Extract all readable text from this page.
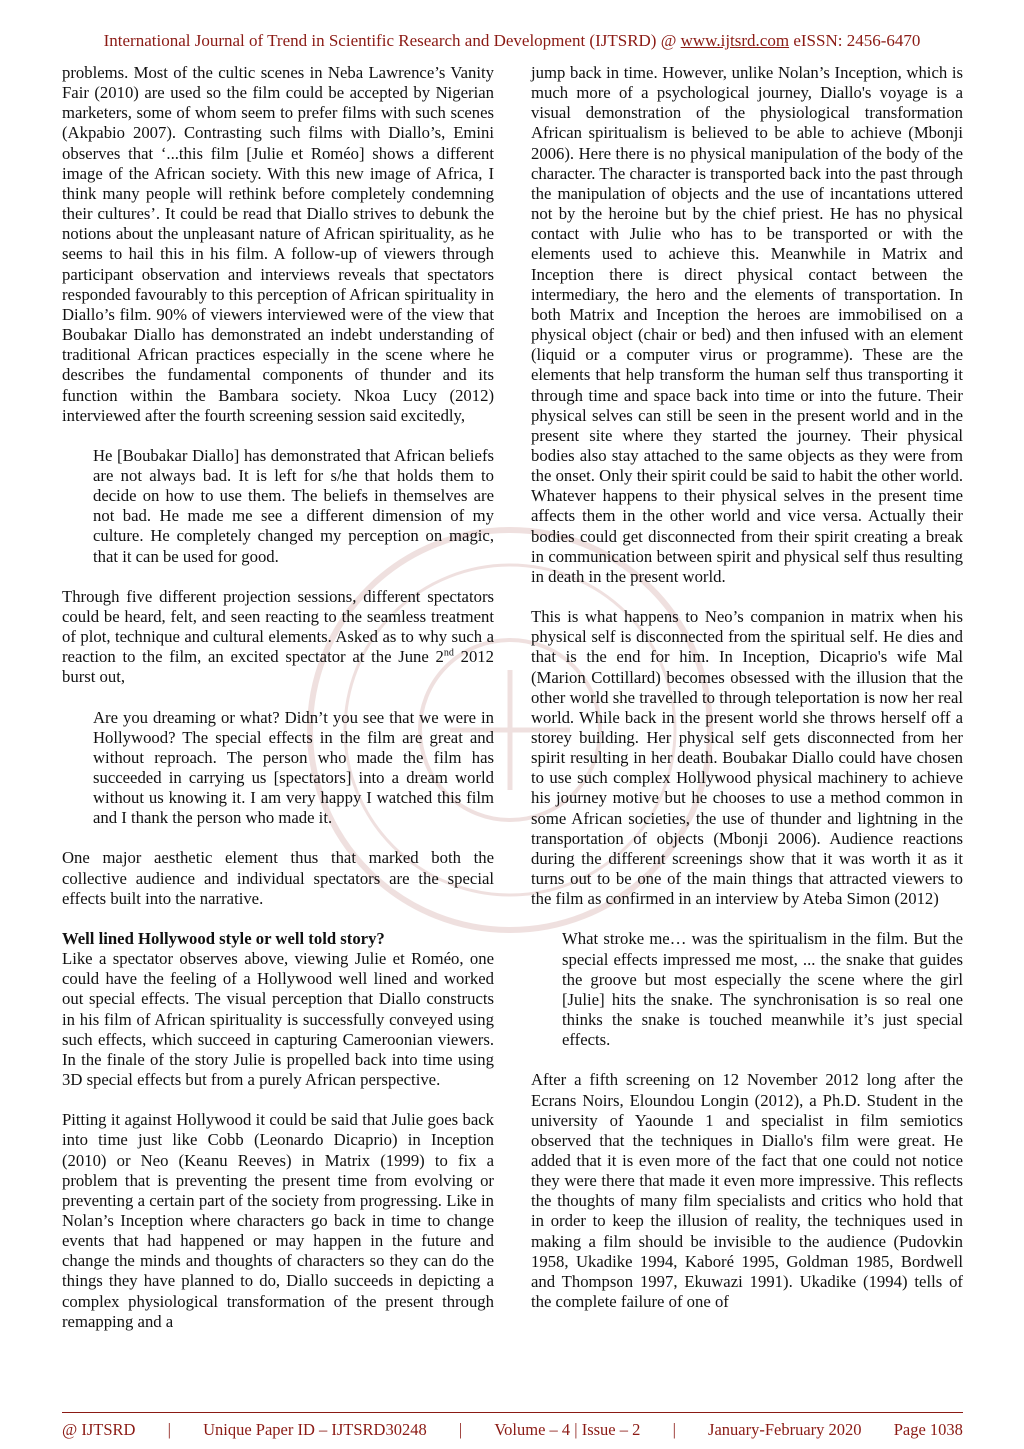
International Journal of Trend in Scientific Research and Development (IJTSRD) @ www.ijtsrd.com eISSN: 2456-6470

problems. Most of the cultic scenes in Neba Lawrence’s Vanity Fair (2010) are used so the film could be accepted by Nigerian marketers, some of whom seem to prefer films with such scenes (Akpabio 2007). Contrasting such films with Diallo’s, Emini observes that ‘...this film [Julie et Roméo] shows a different image of the African society. With this new image of Africa, I think many people will rethink before completely condemning their cultures’. It could be read that Diallo strives to debunk the notions about the unpleasant nature of African spirituality, as he seems to hail this in his film. A follow-up of viewers through participant observation and interviews reveals that spectators responded favourably to this perception of African spirituality in Diallo’s film. 90% of viewers interviewed were of the view that Boubakar Diallo has demonstrated an indebt understanding of traditional African practices especially in the scene where he describes the fundamental components of thunder and its function within the Bambara society. Nkoa Lucy (2012) interviewed after the fourth screening session said excitedly,

He [Boubakar Diallo] has demonstrated that African beliefs are not always bad. It is left for s/he that holds them to decide on how to use them. The beliefs in themselves are not bad. He made me see a different dimension of my culture. He completely changed my perception on magic, that it can be used for good.

Through five different projection sessions, different spectators could be heard, felt, and seen reacting to the seamless treatment of plot, technique and cultural elements. Asked as to why such a reaction to the film, an excited spectator at the June 2nd 2012 burst out,

Are you dreaming or what? Didn’t you see that we were in Hollywood? The special effects in the film are great and without reproach. The person who made the film has succeeded in carrying us [spectators] into a dream world without us knowing it. I am very happy I watched this film and I thank the person who made it.

One major aesthetic element thus that marked both the collective audience and individual spectators are the special effects built into the narrative.

Well lined Hollywood style or well told story?

Like a spectator observes above, viewing Julie et Roméo, one could have the feeling of a Hollywood well lined and worked out special effects. The visual perception that Diallo constructs in his film of African spirituality is successfully conveyed using such effects, which succeed in capturing Cameroonian viewers. In the finale of the story Julie is propelled back into time using 3D special effects but from a purely African perspective.

Pitting it against Hollywood it could be said that Julie goes back into time just like Cobb (Leonardo Dicaprio) in Inception (2010) or Neo (Keanu Reeves) in Matrix (1999) to fix a problem that is preventing the present time from evolving or preventing a certain part of the society from progressing. Like in Nolan’s Inception where characters go back in time to change events that had happened or may happen in the future and change the minds and thoughts of characters so they can do the things they have planned to do, Diallo succeeds in depicting a complex physiological transformation of the present through remapping and a

jump back in time. However, unlike Nolan’s Inception, which is much more of a psychological journey, Diallo's voyage is a visual demonstration of the physiological transformation African spiritualism is believed to be able to achieve (Mbonji 2006). Here there is no physical manipulation of the body of the character. The character is transported back into the past through the manipulation of objects and the use of incantations uttered not by the heroine but by the chief priest. He has no physical contact with Julie who has to be transported or with the elements used to achieve this. Meanwhile in Matrix and Inception there is direct physical contact between the intermediary, the hero and the elements of transportation. In both Matrix and Inception the heroes are immobilised on a physical object (chair or bed) and then infused with an element (liquid or a computer virus or programme). These are the elements that help transform the human self thus transporting it through time and space back into time or into the future. Their physical selves can still be seen in the present world and in the present site where they started the journey. Their physical bodies also stay attached to the same objects as they were from the onset. Only their spirit could be said to habit the other world. Whatever happens to their physical selves in the present time affects them in the other world and vice versa. Actually their bodies could get disconnected from their spirit creating a break in communication between spirit and physical self thus resulting in death in the present world.

This is what happens to Neo’s companion in matrix when his physical self is disconnected from the spiritual self. He dies and that is the end for him. In Inception, Dicaprio's wife Mal (Marion Cottillard) becomes obsessed with the illusion that the other world she travelled to through teleportation is now her real world. While back in the present world she throws herself off a storey building. Her physical self gets disconnected from her spirit resulting in her death. Boubakar Diallo could have chosen to use such complex Hollywood physical machinery to achieve his journey motive but he chooses to use a method common in some African societies, the use of thunder and lightning in the transportation of objects (Mbonji 2006). Audience reactions during the different screenings show that it was worth it as it turns out to be one of the main things that attracted viewers to the film as confirmed in an interview by Ateba Simon (2012)

What stroke me… was the spiritualism in the film. But the special effects impressed me most, ... the snake that guides the groove but most especially the scene where the girl [Julie] hits the snake. The synchronisation is so real one thinks the snake is touched meanwhile it’s just special effects.

After a fifth screening on 12 November 2012 long after the Ecrans Noirs, Eloundou Longin (2012), a Ph.D. Student in the university of Yaounde 1 and specialist in film semiotics observed that the techniques in Diallo's film were great. He added that it is even more of the fact that one could not notice they were there that made it even more impressive. This reflects the thoughts of many film specialists and critics who hold that in order to keep the illusion of reality, the techniques used in making a film should be invisible to the audience (Pudovkin 1958, Ukadike 1994, Kaboré 1995, Goldman 1985, Bordwell and Thompson 1997, Ekuwazi 1991). Ukadike (1994) tells of the complete failure of one of

@ IJTSRD | Unique Paper ID – IJTSRD30248 | Volume – 4 | Issue – 2 | January-February 2020 Page 1038
